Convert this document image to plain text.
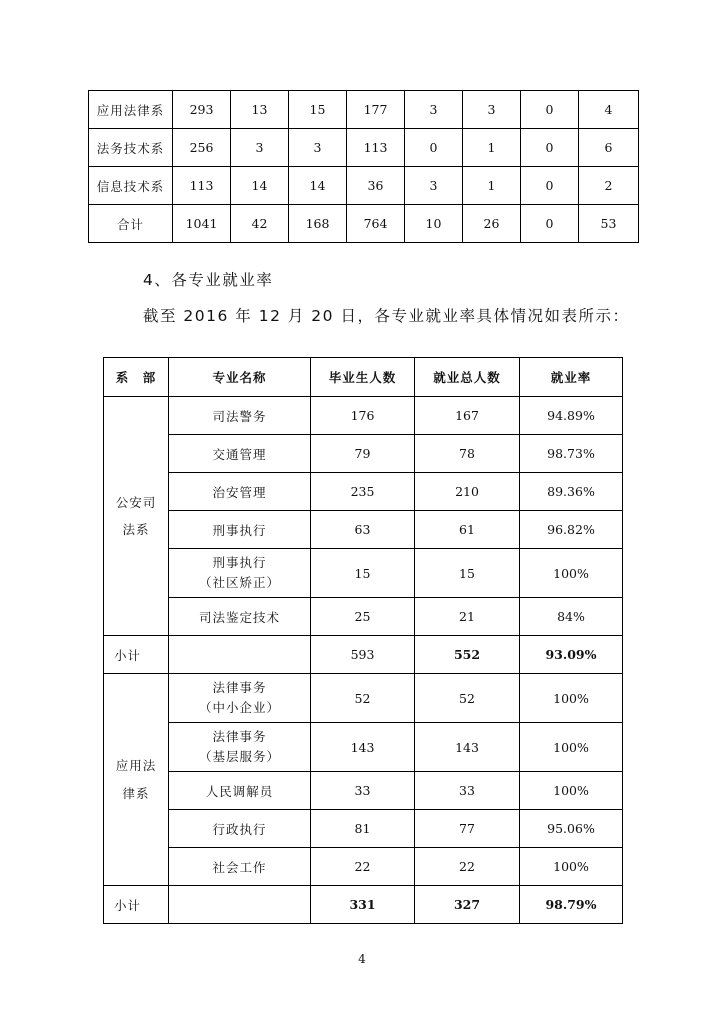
应用法律系	293	13	15	177	3	3	0	4
法务技术系	256	3	3	113	0	1	0	6
信息技术系	113	14	14	36	3	1	0	2
合计	1041	42	168	764	10	26	0	53
4、各专业就业率
截至 2016 年 12 月 20 日，各专业就业率具体情况如表所示：
系　部	专业名称	毕业生人数	就业总人数	就业率

公安司
法系	司法警务	176	167	94.89%
	交通管理	79	78	98.73%
	治安管理	235	210	89.36%
	刑事执行	63	61	96.82%

	刑事执行
（社区矫正）	15	15	100%
	司法鉴定技术	25	21	84%
小计		593	552	93.09%

应用法
律系	法律事务
（中小企业）	52	52	100%

	法律事务
（基层服务）	143	143	100%
	人民调解员	33	33	100%
	行政执行	81	77	95.06%
	社会工作	22	22	100%
小计		331	327	98.79%
4
